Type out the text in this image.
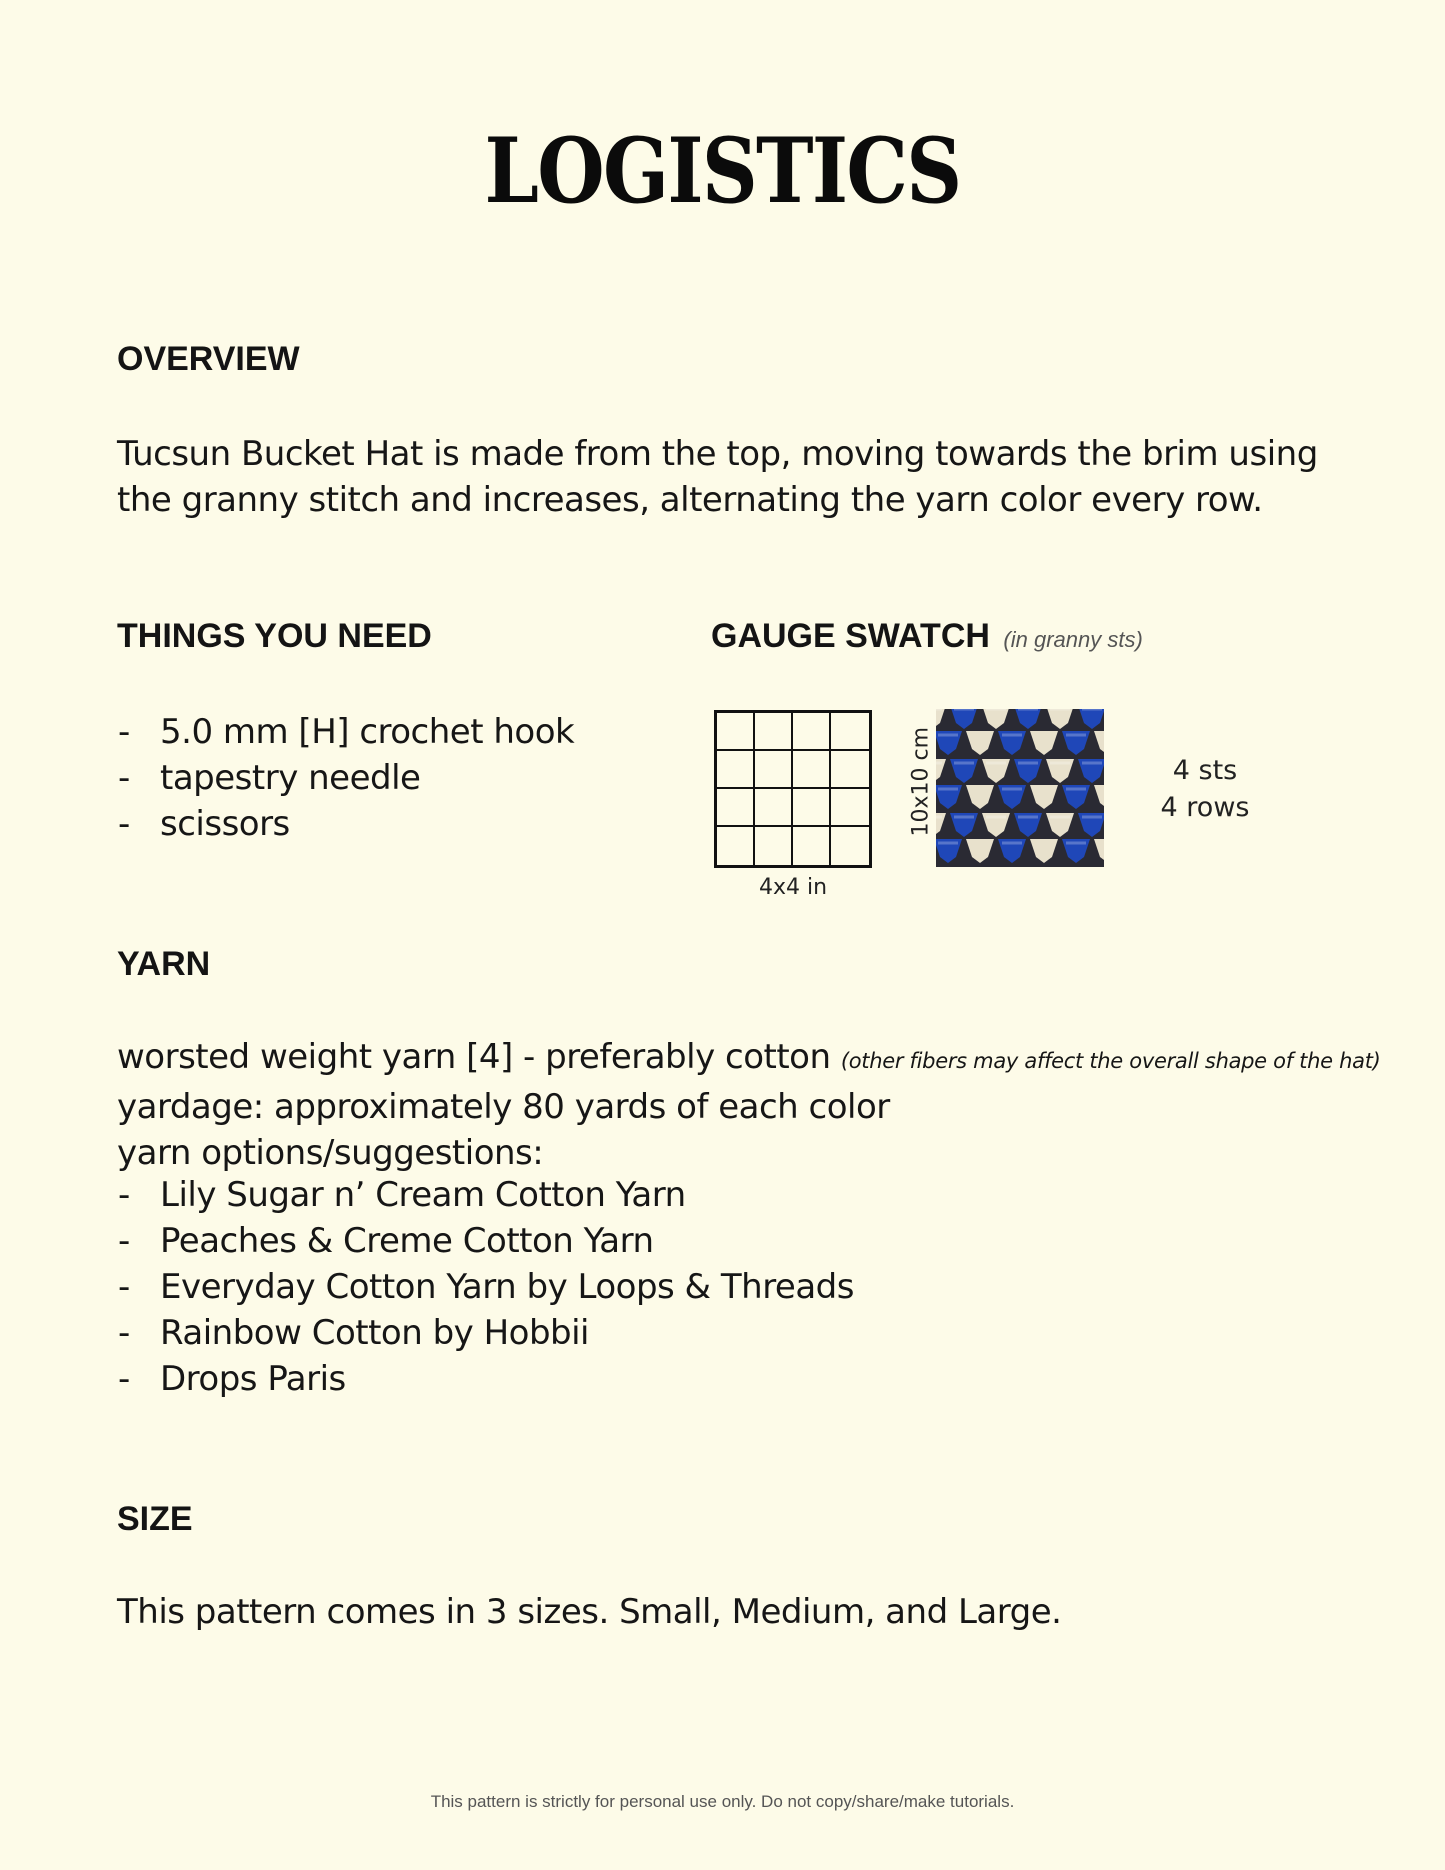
LOGISTICS
OVERVIEW
Tucsun Bucket Hat is made from the top, moving towards the brim using
the granny stitch and increases, alternating the yarn color every row.
THINGS YOU NEED
- 5.0 mm [H] crochet hook
- tapestry needle
- scissors
GAUGE SWATCH (in granny sts)
4x4 in
10x10 cm	4 sts
4 rows
YARN
worsted weight yarn [4] - preferably cotton (other fibers may affect the overall shape of the hat)
yardage: approximately 80 yards of each color
yarn options/suggestions:
- Lily Sugar n’ Cream Cotton Yarn
- Peaches & Creme Cotton Yarn
- Everyday Cotton Yarn by Loops & Threads
- Rainbow Cotton by Hobbii
- Drops Paris
SIZE
This pattern comes in 3 sizes. Small, Medium, and Large.
This pattern is strictly for personal use only. Do not copy/share/make tutorials.
